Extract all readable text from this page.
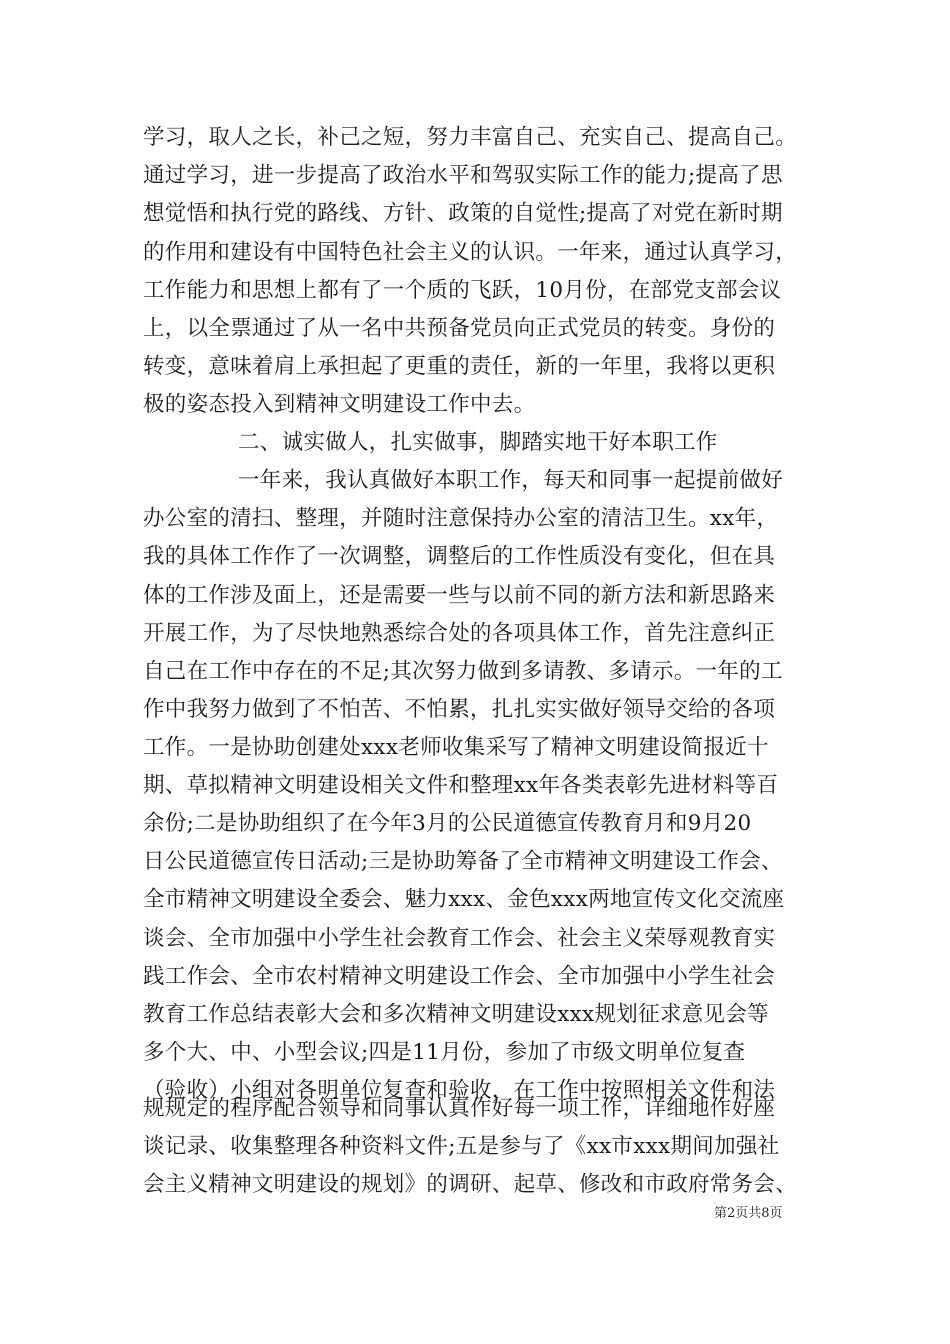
学习，取人之长，补己之短，努力丰富自己、充实自己、提高自己。
通过学习，进一步提高了政治水平和驾驭实际工作的能力;提高了思
想觉悟和执行党的路线、方针、政策的自觉性;提高了对党在新时期
的作用和建设有中国特色社会主义的认识。一年来，通过认真学习，
工作能力和思想上都有了一个质的飞跃，10月份，在部党支部会议
上，以全票通过了从一名中共预备党员向正式党员的转变。身份的
转变，意味着肩上承担起了更重的责任，新的一年里，我将以更积
极的姿态投入到精神文明建设工作中去。
二、诚实做人，扎实做事，脚踏实地干好本职工作
一年来，我认真做好本职工作，每天和同事一起提前做好
办公室的清扫、整理，并随时注意保持办公室的清洁卫生。xx年，
我的具体工作作了一次调整，调整后的工作性质没有变化，但在具
体的工作涉及面上，还是需要一些与以前不同的新方法和新思路来
开展工作，为了尽快地熟悉综合处的各项具体工作，首先注意纠正
自己在工作中存在的不足;其次努力做到多请教、多请示。一年的工
作中我努力做到了不怕苦、不怕累，扎扎实实做好领导交给的各项
工作。一是协助创建处xxx老师收集采写了精神文明建设简报近十
期、草拟精神文明建设相关文件和整理xx年各类表彰先进材料等百
余份;二是协助组织了在今年3月的公民道德宣传教育月和9月20
日公民道德宣传日活动;三是协助筹备了全市精神文明建设工作会、
全市精神文明建设全委会、魅力xxx、金色xxx两地宣传文化交流座
谈会、全市加强中小学生社会教育工作会、社会主义荣辱观教育实
践工作会、全市农村精神文明建设工作会、全市加强中小学生社会
教育工作总结表彰大会和多次精神文明建设xxx规划征求意见会等
多个大、中、小型会议;四是11月份，参加了市级文明单位复查
（验收）小组对各明单位复查和验收，在工作中按照相关文件和法
规规定的程序配合领导和同事认真作好每一项工作，详细地作好座
谈记录、收集整理各种资料文件;五是参与了《xx市xxx期间加强社
会主义精神文明建设的规划》的调研、起草、修改和市政府常务会、
第2页共8页
